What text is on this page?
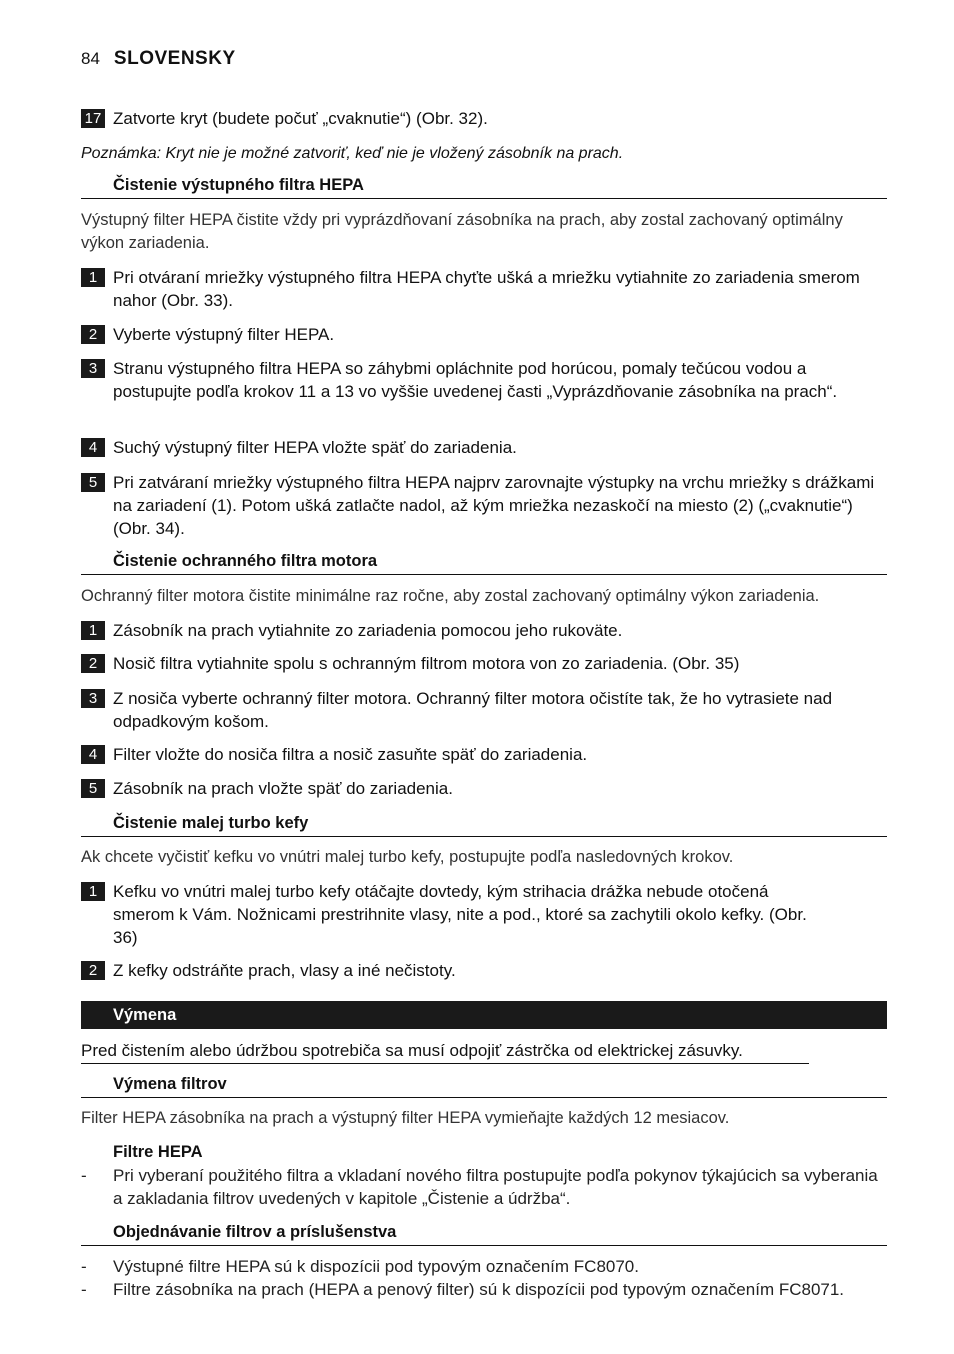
84 SLOVENSKY
17 Zatvorte kryt (budete počuť „cvaknutie“) (Obr. 32).
Poznámka: Kryt nie je možné zatvoriť, keď nie je vložený zásobník na prach.
Čistenie výstupného filtra HEPA
Výstupný filter HEPA čistite vždy pri vyprázdňovaní zásobníka na prach, aby zostal zachovaný optimálny výkon zariadenia.
1 Pri otváraní mriežky výstupného filtra HEPA chyťte ušká a mriežku vytiahnite zo zariadenia smerom nahor (Obr. 33).
2 Vyberte výstupný filter HEPA.
3 Stranu výstupného filtra HEPA so záhybmi opláchnite pod horúcou, pomaly tečúcou vodou a postupujte podľa krokov 11 a 13 vo vyššie uvedenej časti „Vyprázdňovanie zásobníka na prach“.
4 Suchý výstupný filter HEPA vložte späť do zariadenia.
5 Pri zatváraní mriežky výstupného filtra HEPA najprv zarovnajte výstupky na vrchu mriežky s drážkami na zariadení (1). Potom ušká zatlačte nadol, až kým mriežka nezaskočí na miesto (2) („cvaknutie“) (Obr. 34).
Čistenie ochranného filtra motora
Ochranný filter motora čistite minimálne raz ročne, aby zostal zachovaný optimálny výkon zariadenia.
1 Zásobník na prach vytiahnite zo zariadenia pomocou jeho rukoväte.
2 Nosič filtra vytiahnite spolu s ochranným filtrom motora von zo zariadenia. (Obr. 35)
3 Z nosiča vyberte ochranný filter motora. Ochranný filter motora očistíte tak, že ho vytrasiete nad odpadkovým košom.
4 Filter vložte do nosiča filtra a nosič zasuňte späť do zariadenia.
5 Zásobník na prach vložte späť do zariadenia.
Čistenie malej turbo kefy
Ak chcete vyčistiť kefku vo vnútri malej turbo kefy, postupujte podľa nasledovných krokov.
1 Kefku vo vnútri malej turbo kefy otáčajte dovtedy, kým strihacia drážka nebude otočená smerom k Vám. Nožnicami prestrihnite vlasy, nite a pod., ktoré sa zachytili okolo kefky. (Obr. 36)
2 Z kefky odstráňte prach, vlasy a iné nečistoty.
Výmena
Pred čistením alebo údržbou spotrebiča sa musí odpojiť zástrčka od elektrickej zásuvky.
Výmena filtrov
Filter HEPA zásobníka na prach a výstupný filter HEPA vymieňajte každých 12 mesiacov.
Filtre HEPA
-	Pri vyberaní použitého filtra a vkladaní nového filtra postupujte podľa pokynov týkajúcich sa vyberania a zakladania filtrov uvedených v kapitole „Čistenie a údržba“.
Objednávanie filtrov a príslušenstva
-	Výstupné filtre HEPA sú k dispozícii pod typovým označením FC8070.
-	Filtre zásobníka na prach (HEPA a penový filter) sú k dispozícii pod typovým označením FC8071.
